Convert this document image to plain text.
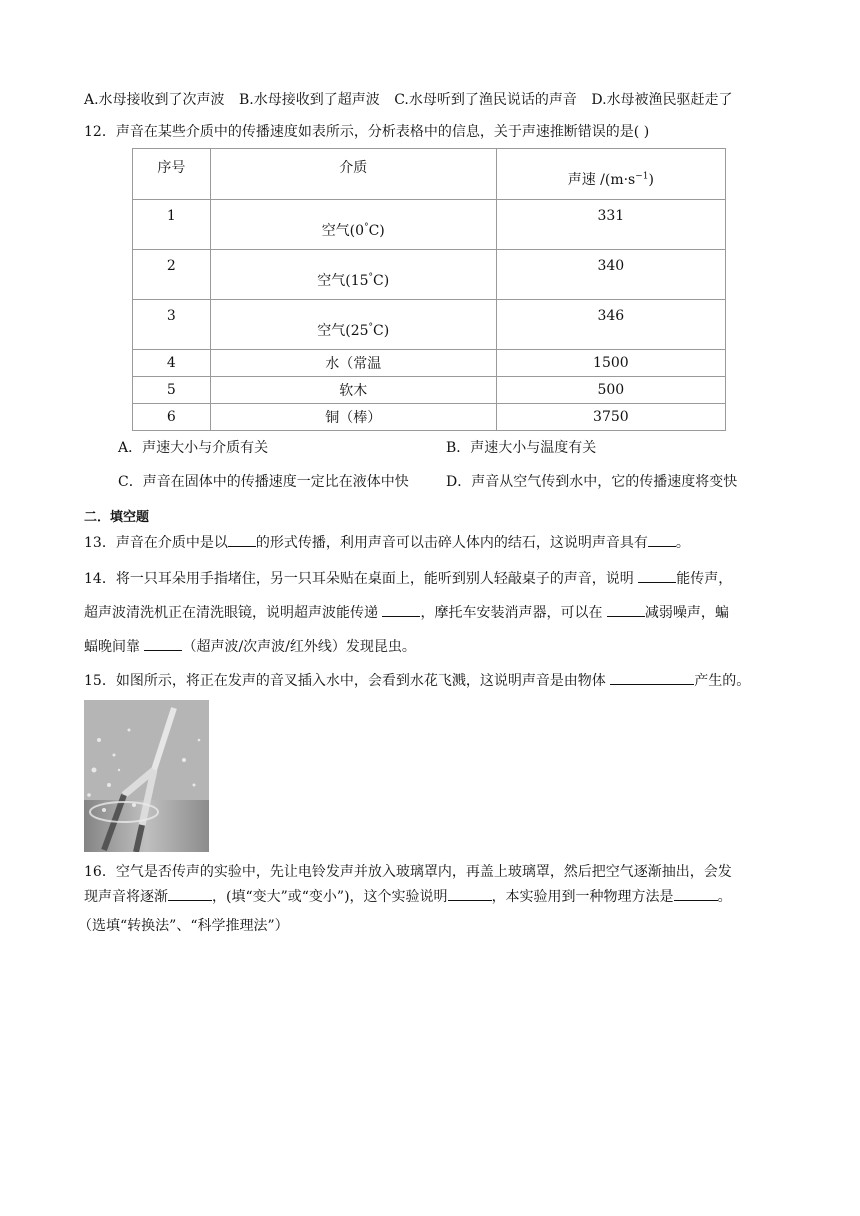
A.水母接收到了次声波 B.水母接收到了超声波 C.水母听到了渔民说话的声音 D.水母被渔民驱赶走了
12．声音在某些介质中的传播速度如表所示，分析表格中的信息，关于声速推断错误的是( )
序号	介质	声速 $/(m\cdot s^{-1})$

1	空气(0°C)	331

2	空气(15°C)	340

3	空气(25°C)	346

4	水（常温	1500
5	软木	500
6	铜（棒）	3750
A．声速大小与介质有关	B．声速大小与温度有关
C．声音在固体中的传播速度一定比在液体中快	D．声音从空气传到水中，它的传播速度将变快
二．填空题
13．声音在介质中是以 的形式传播，利用声音可以击碎人体内的结石，这说明声音具有 。
14．将一只耳朵用手指堵住，另一只耳朵贴在桌面上，能听到别人轻敲桌子的声音，说明	能传声，
超声波清洗机正在清洗眼镜，说明超声波能传递	，摩托车安装消声器，可以在	减弱噪声，蝙
蝠晚间靠	（超声波/次声波/红外线）发现昆虫。
15．如图所示，将正在发声的音叉插入水中，会看到水花飞溅，这说明声音是由物体	产生的。
16．空气是否传声的实验中，先让电铃发声并放入玻璃罩内，再盖上玻璃罩，然后把空气逐渐抽出，会发
现声音将逐渐	，(填“变大”或“变小”)，这个实验说明	，本实验用到一种物理方法是	。
（选填“转换法”、“科学推理法”）
